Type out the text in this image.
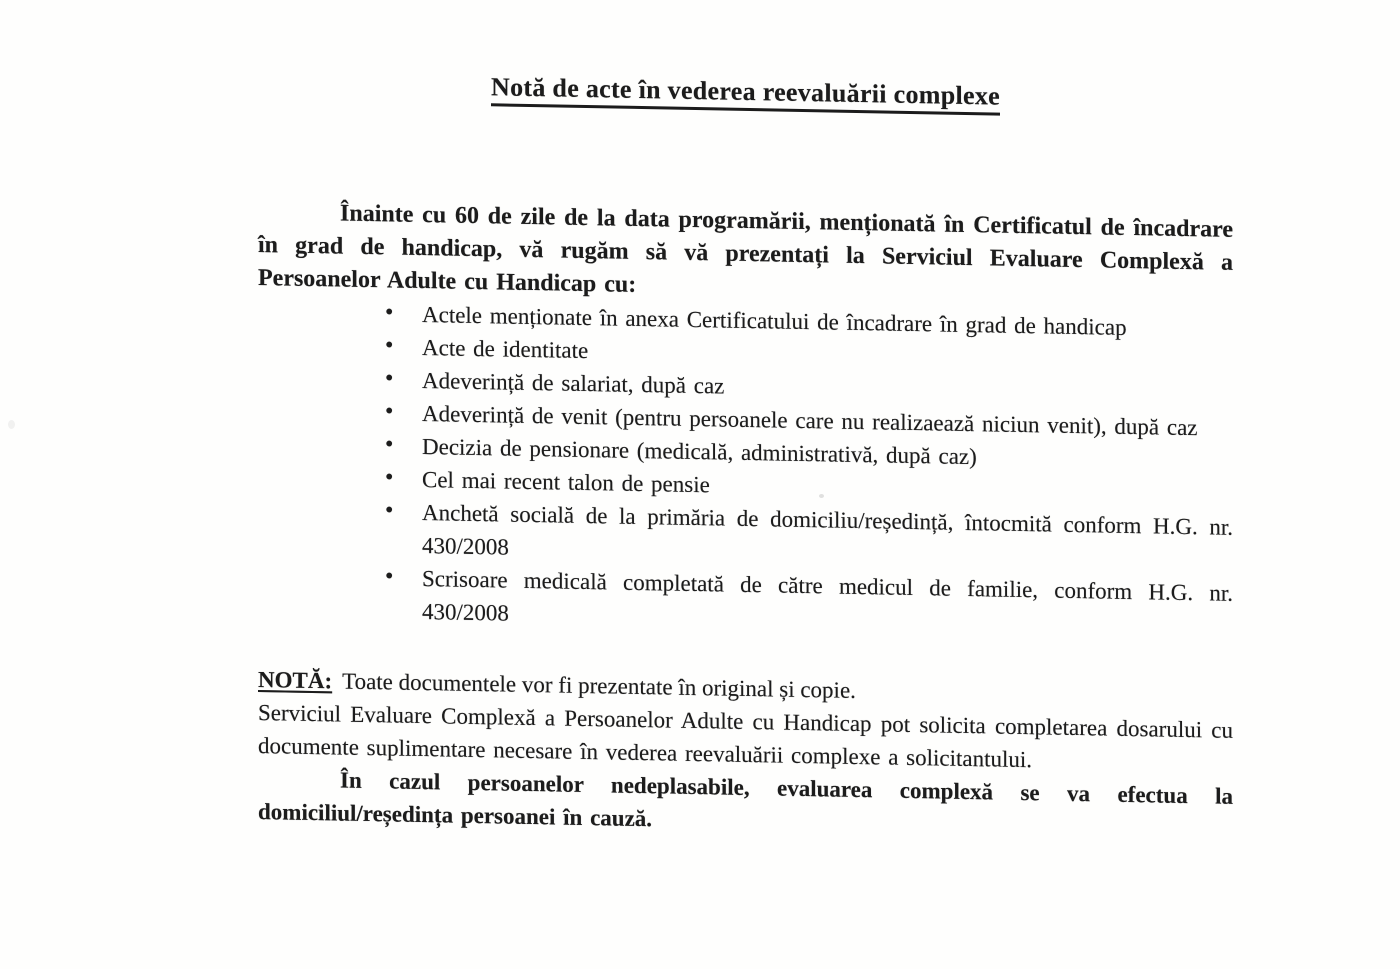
Notă de acte în vederea reevaluării complexe

Înainte cu 60 de zile de la data programării, menționată în Certificatul de încadrare în grad de handicap, vă rugăm să vă prezentați la Serviciul Evaluare Complexă a Persoanelor Adulte cu Handicap cu:

• Actele menționate în anexa Certificatului de încadrare în grad de handicap
• Acte de identitate
• Adeverință de salariat, după caz
• Adeverință de venit (pentru persoanele care nu realizaează niciun venit), după caz
• Decizia de pensionare (medicală, administrativă, după caz)
• Cel mai recent talon de pensie
• Anchetă socială de la primăria de domiciliu/reședință, întocmită conform H.G. nr. 430/2008
• Scrisoare medicală completată de către medicul de familie, conform H.G. nr. 430/2008

NOTĂ: Toate documentele vor fi prezentate în original și copie.

Serviciul Evaluare Complexă a Persoanelor Adulte cu Handicap pot solicita completarea dosarului cu documente suplimentare necesare în vederea reevaluării complexe a solicitantului.

În cazul persoanelor nedeplasabile, evaluarea complexă se va efectua la domiciliul/reședința persoanei în cauză.
